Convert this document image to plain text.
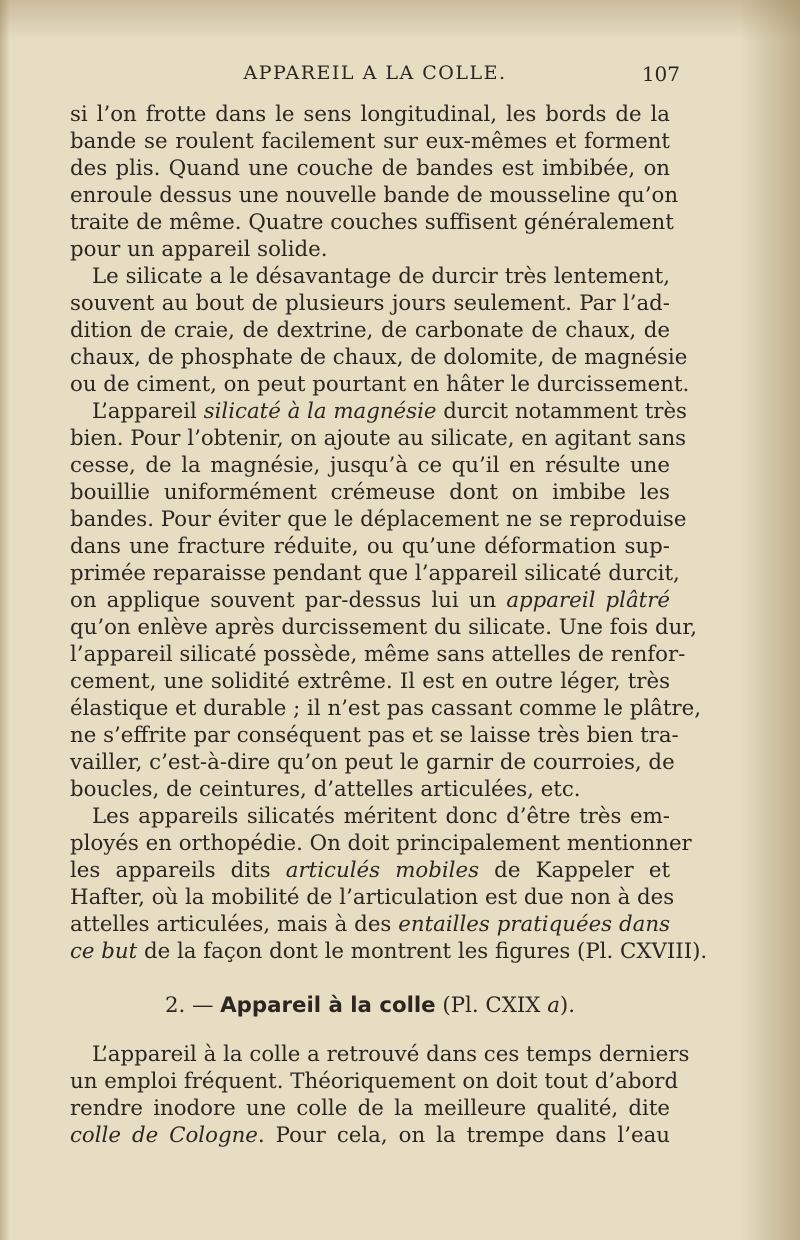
APPAREIL A LA COLLE.	107
si l’on frotte dans le sens longitudinal, les bords de la
bande se roulent facilement sur eux-mêmes et forment
des plis. Quand une couche de bandes est imbibée, on
enroule dessus une nouvelle bande de mousseline qu’on
traite de même. Quatre couches suffisent généralement
pour un appareil solide.
Le silicate a le désavantage de durcir très lentement,
souvent au bout de plusieurs jours seulement. Par l’ad-
dition de craie, de dextrine, de carbonate de chaux, de
chaux, de phosphate de chaux, de dolomite, de magnésie
ou de ciment, on peut pourtant en hâter le durcissement.
L’appareil silicaté à la magnésie durcit notamment très
bien. Pour l’obtenir, on ajoute au silicate, en agitant sans
cesse, de la magnésie, jusqu’à ce qu’il en résulte une
bouillie uniformément crémeuse dont on imbibe les
bandes. Pour éviter que le déplacement ne se reproduise
dans une fracture réduite, ou qu’une déformation sup-
primée reparaisse pendant que l’appareil silicaté durcit,
on applique souvent par-dessus lui un appareil plâtré
qu’on enlève après durcissement du silicate. Une fois dur,
l’appareil silicaté possède, même sans attelles de renfor-
cement, une solidité extrême. Il est en outre léger, très
élastique et durable ; il n’est pas cassant comme le plâtre,
ne s’effrite par conséquent pas et se laisse très bien tra-
vailler, c’est-à-dire qu’on peut le garnir de courroies, de
boucles, de ceintures, d’attelles articulées, etc.
Les appareils silicatés méritent donc d’être très em-
ployés en orthopédie. On doit principalement mentionner
les appareils dits articulés mobiles de Kappeler et
Hafter, où la mobilité de l’articulation est due non à des
attelles articulées, mais à des entailles pratiquées dans
ce but de la façon dont le montrent les figures (Pl. CXVIII).
2. — Appareil à la colle (Pl. CXIX a).
L’appareil à la colle a retrouvé dans ces temps derniers
un emploi fréquent. Théoriquement on doit tout d’abord
rendre inodore une colle de la meilleure qualité, dite
colle de Cologne. Pour cela, on la trempe dans l’eau
